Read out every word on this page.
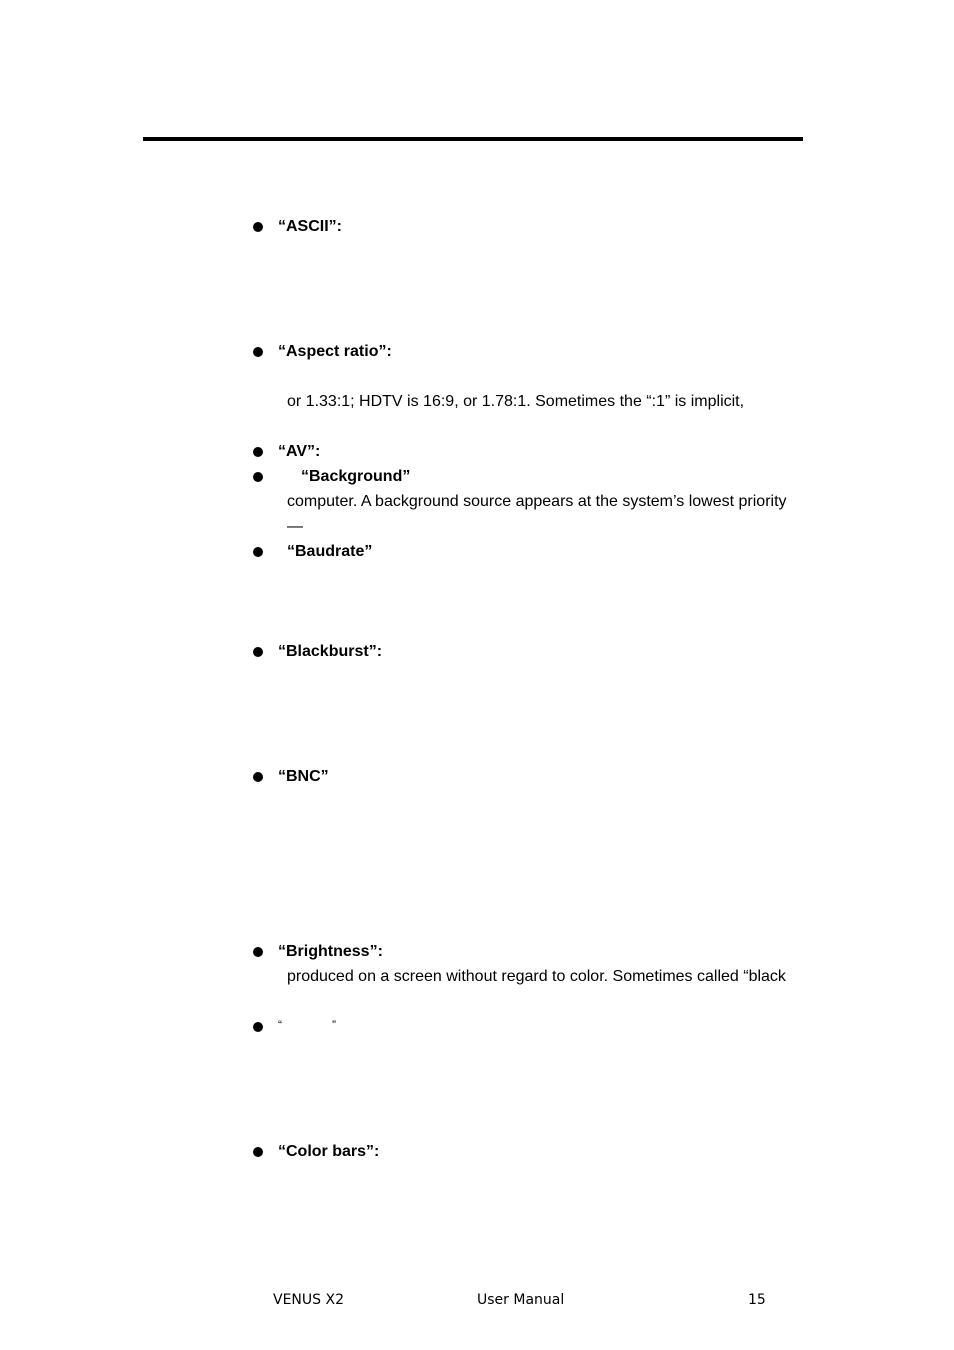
“ASCII”:
“Aspect ratio”:
or 1.33:1; HDTV is 16:9, or 1.78:1. Sometimes the “:1” is implicit,
“AV”:
“Background”
computer. A background source appears at the system’s lowest priority
—
“Baudrate”
“Blackburst”:
“BNC”
“Brightness”:
produced on a screen without regard to color. Sometimes called “black
“	”
“Color bars”:
VENUS X2	User Manual	15
